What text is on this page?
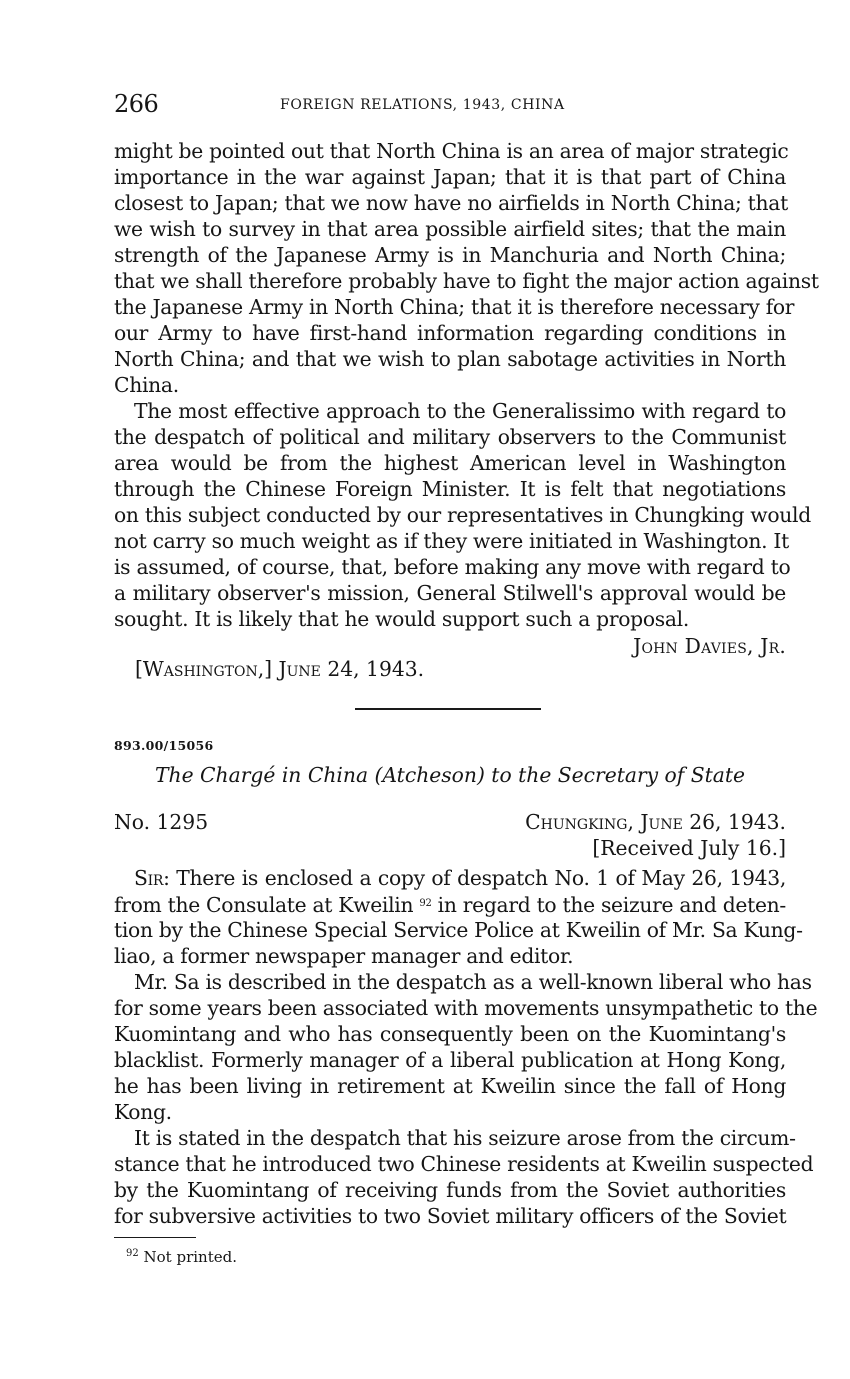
266	FOREIGN RELATIONS, 1943, CHINA
might be pointed out that North China is an area of major strategic
importance in the war against Japan; that it is that part of China
closest to Japan; that we now have no airfields in North China; that
we wish to survey in that area possible airfield sites; that the main
strength of the Japanese Army is in Manchuria and North China;
that we shall therefore probably have to fight the major action against
the Japanese Army in North China; that it is therefore necessary for
our Army to have first-hand information regarding conditions in
North China; and that we wish to plan sabotage activities in North
China.
The most effective approach to the Generalissimo with regard to
the despatch of political and military observers to the Communist
area would be from the highest American level in Washington
through the Chinese Foreign Minister. It is felt that negotiations
on this subject conducted by our representatives in Chungking would
not carry so much weight as if they were initiated in Washington. It
is assumed, of course, that, before making any move with regard to
a military observer's mission, General Stilwell's approval would be
sought. It is likely that he would support such a proposal.
John Davies, Jr.
[Washington,] June 24, 1943.
893.00/15056
The Chargé in China (Atcheson) to the Secretary of State
No. 1295	Chungking, June 26, 1943.
[Received July 16.]
Sir: There is enclosed a copy of despatch No. 1 of May 26, 1943,
from the Consulate at Kweilin $^{92}$ in regard to the seizure and deten-
tion by the Chinese Special Service Police at Kweilin of Mr. Sa Kung-
liao, a former newspaper manager and editor.
Mr. Sa is described in the despatch as a well-known liberal who has
for some years been associated with movements unsympathetic to the
Kuomintang and who has consequently been on the Kuomintang's
blacklist. Formerly manager of a liberal publication at Hong Kong,
he has been living in retirement at Kweilin since the fall of Hong
Kong.
It is stated in the despatch that his seizure arose from the circum-
stance that he introduced two Chinese residents at Kweilin suspected
by the Kuomintang of receiving funds from the Soviet authorities
for subversive activities to two Soviet military officers of the Soviet
$^{92}$ Not printed.
